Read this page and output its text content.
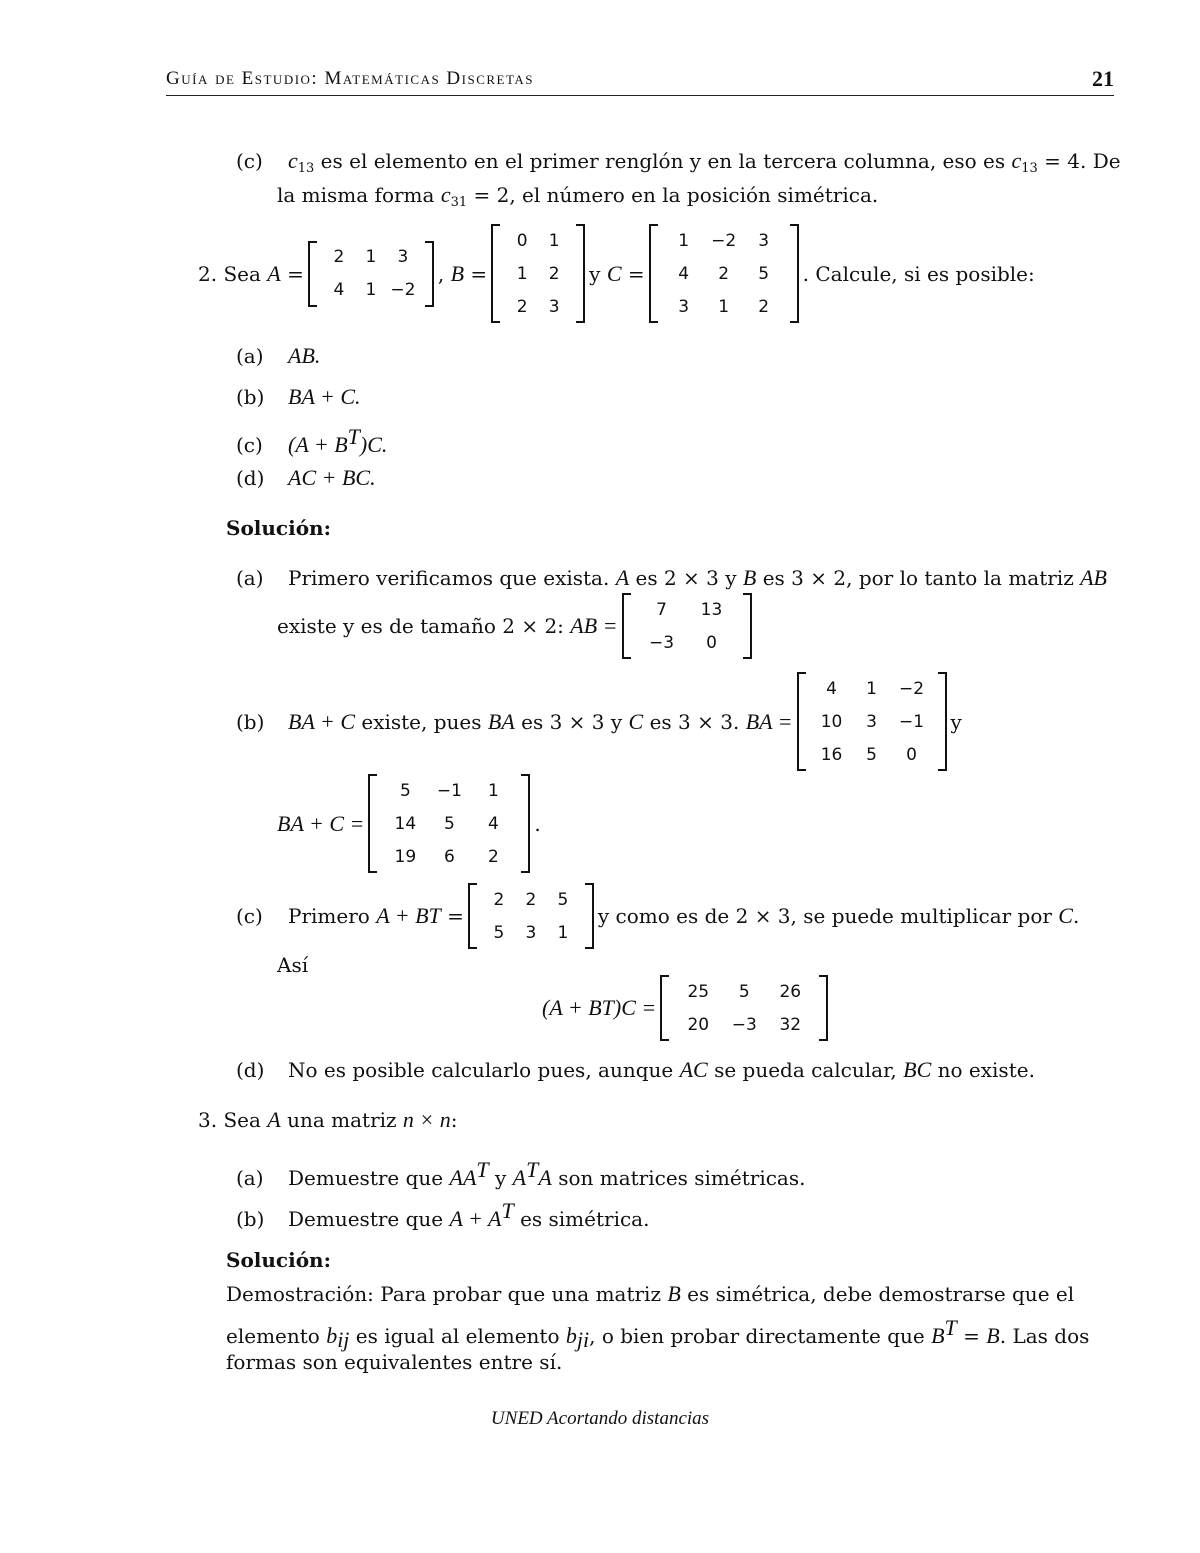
Guía de Estudio: Matemáticas Discretas	21
(c) $c_{13}$ es el elemento en el primer renglón y en la tercera columna, eso es $c_{13} = 4$. De
la misma forma $c_{31} = 2$, el número en la posición simétrica.
2.
Sea
A
=
2	1	3
4	1 −2
,
B
=
0	1
1	2
2	3
y
C
=
1	−2	3
4	2	5
3	1	2
. Calcule, si es posible:
(a) AB.
(b) BA + C.
(c) $(A + B^T)C$.
(d) AC + BC.
Solución:
(a) Primero verificamos que exista. A es 2 × 3 y B es 3 × 2, por lo tanto la matriz AB
existe y es de tamaño 2 × 2:
AB =
7	13
−3	0
(b)	BA + C
existe, pues
BA
es 3 × 3 y
C
es 3 × 3.
BA =
4	1	−2
10	3	−1
16	5	0
y
BA + C =
5	−1	1
14	5	4
19	6	2
.
(c)	Primero
A + B T
=
2	2	5
5	3	1
y como es de 2 × 3, se puede multiplicar por
C .
Así
(A + B T )C =
25	5	26
20	−3	32
(d) No es posible calcularlo pues, aunque AC se pueda calcular, BC no existe.
3. Sea A una matriz n × n:
(a) Demuestre que $AA^T$ y $A^TA$ son matrices simétricas.
(b) Demuestre que $A + A^T$ es simétrica.
Solución:
Demostración: Para probar que una matriz B es simétrica, debe demostrarse que el
elemento $b_{ij}$ es igual al elemento $b_{ji}$, o bien probar directamente que $B^T = B$. Las dos
formas son equivalentes entre sí.
UNED Acortando distancias
